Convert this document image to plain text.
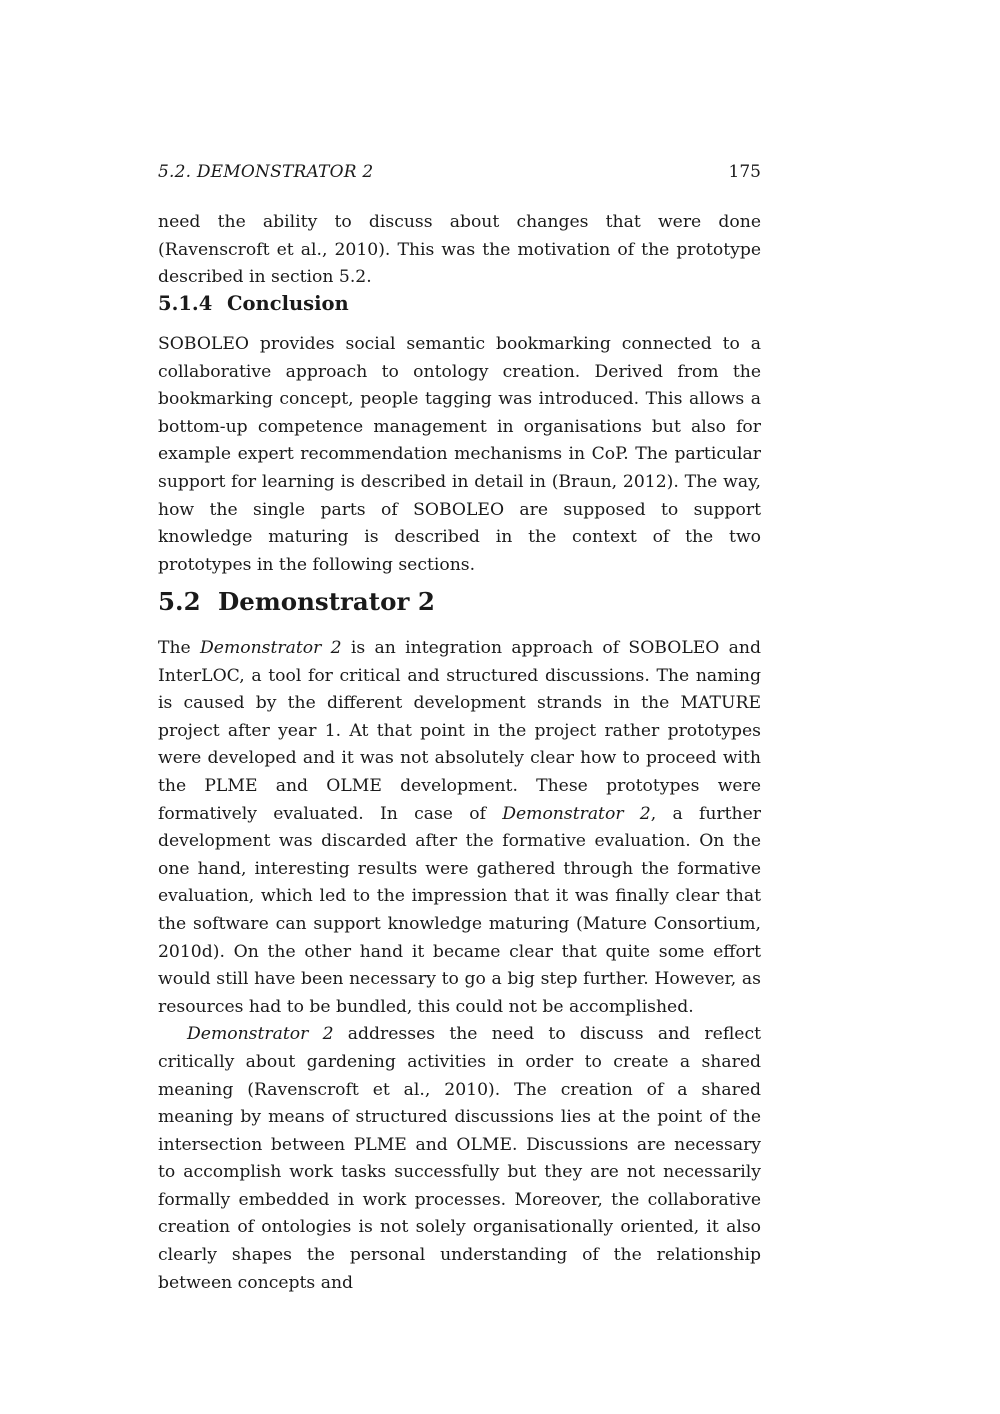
5.2. DEMONSTRATOR 2	175

need the ability to discuss about changes that were done (Ravenscroft et al., 2010). This was the motivation of the prototype described in section 5.2.

5.1.4 Conclusion

SOBOLEO provides social semantic bookmarking connected to a collaborative approach to ontology creation. Derived from the bookmarking concept, people tagging was introduced. This allows a bottom-up competence management in organisations but also for example expert recommendation mechanisms in CoP. The particular support for learning is described in detail in (Braun, 2012). The way, how the single parts of SOBOLEO are supposed to support knowledge maturing is described in the context of the two prototypes in the following sections.

5.2 Demonstrator 2

The Demonstrator 2 is an integration approach of SOBOLEO and InterLOC, a tool for critical and structured discussions. The naming is caused by the different development strands in the MATURE project after year 1. At that point in the project rather prototypes were developed and it was not absolutely clear how to proceed with the PLME and OLME development. These prototypes were formatively evaluated. In case of Demonstrator 2, a further development was discarded after the formative evaluation. On the one hand, interesting results were gathered through the formative evaluation, which led to the impression that it was finally clear that the software can support knowledge maturing (Mature Consortium, 2010d). On the other hand it became clear that quite some effort would still have been necessary to go a big step further. However, as resources had to be bundled, this could not be accomplished.

Demonstrator 2 addresses the need to discuss and reflect critically about gardening activities in order to create a shared meaning (Ravenscroft et al., 2010). The creation of a shared meaning by means of structured discussions lies at the point of the intersection between PLME and OLME. Discussions are necessary to accomplish work tasks successfully but they are not necessarily formally embedded in work processes. Moreover, the collaborative creation of ontologies is not solely organisationally oriented, it also clearly shapes the personal understanding of the relationship between concepts and
